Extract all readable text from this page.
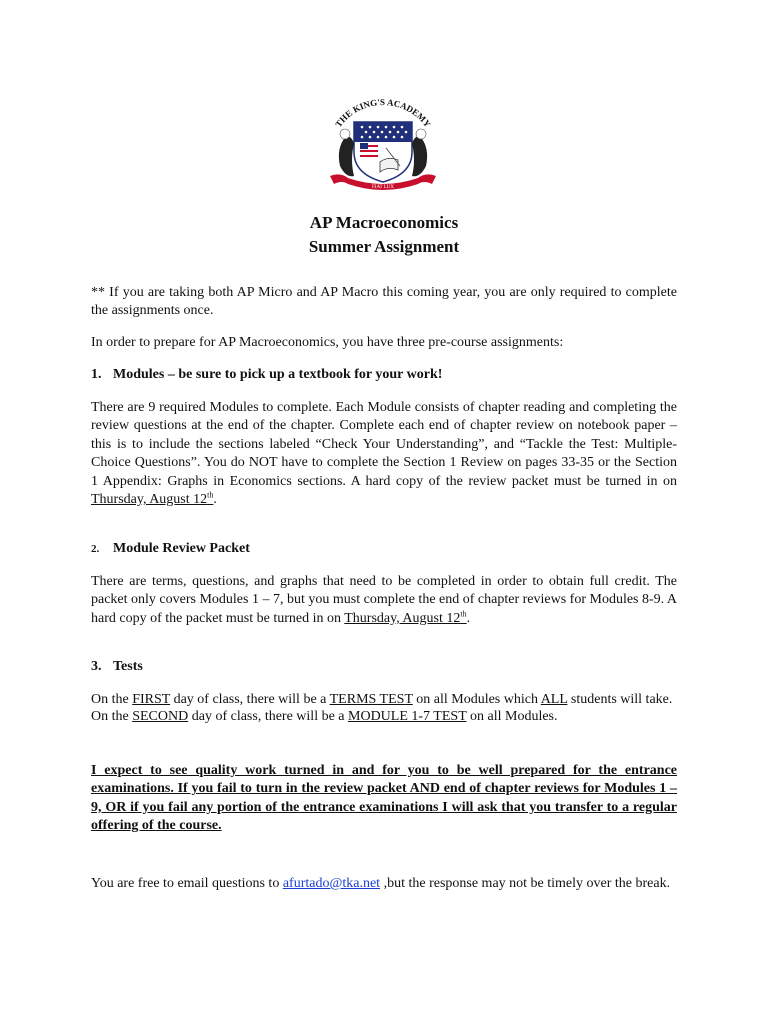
THE KING'S ACADEMY
FIAT LUX
AP Macroeconomics
Summer Assignment
** If you are taking both AP Micro and AP Macro this coming year, you are only required to complete the assignments once.
In order to prepare for AP Macroeconomics, you have three pre-course assignments:
1. Modules – be sure to pick up a textbook for your work!
There are 9 required Modules to complete. Each Module consists of chapter reading and completing the review questions at the end of the chapter. Complete each end of chapter review on notebook paper – this is to include the sections labeled “Check Your Understanding”, and “Tackle the Test: Multiple-Choice Questions”. You do NOT have to complete the Section 1 Review on pages 33-35 or the Section 1 Appendix: Graphs in Economics sections. A hard copy of the review packet must be turned in on Thursday, August 12th.
2. Module Review Packet
There are terms, questions, and graphs that need to be completed in order to obtain full credit. The packet only covers Modules 1 – 7, but you must complete the end of chapter reviews for Modules 8-9. A hard copy of the packet must be turned in on Thursday, August 12th.
3. Tests
On the FIRST day of class, there will be a TERMS TEST on all Modules which ALL students will take.
On the SECOND day of class, there will be a MODULE 1-7 TEST on all Modules.
I expect to see quality work turned in and for you to be well prepared for the entrance examinations. If you fail to turn in the review packet AND end of chapter reviews for Modules 1 – 9, OR if you fail any portion of the entrance examinations I will ask that you transfer to a regular offering of the course.
You are free to email questions to afurtado@tka.net ,but the response may not be timely over the break.
